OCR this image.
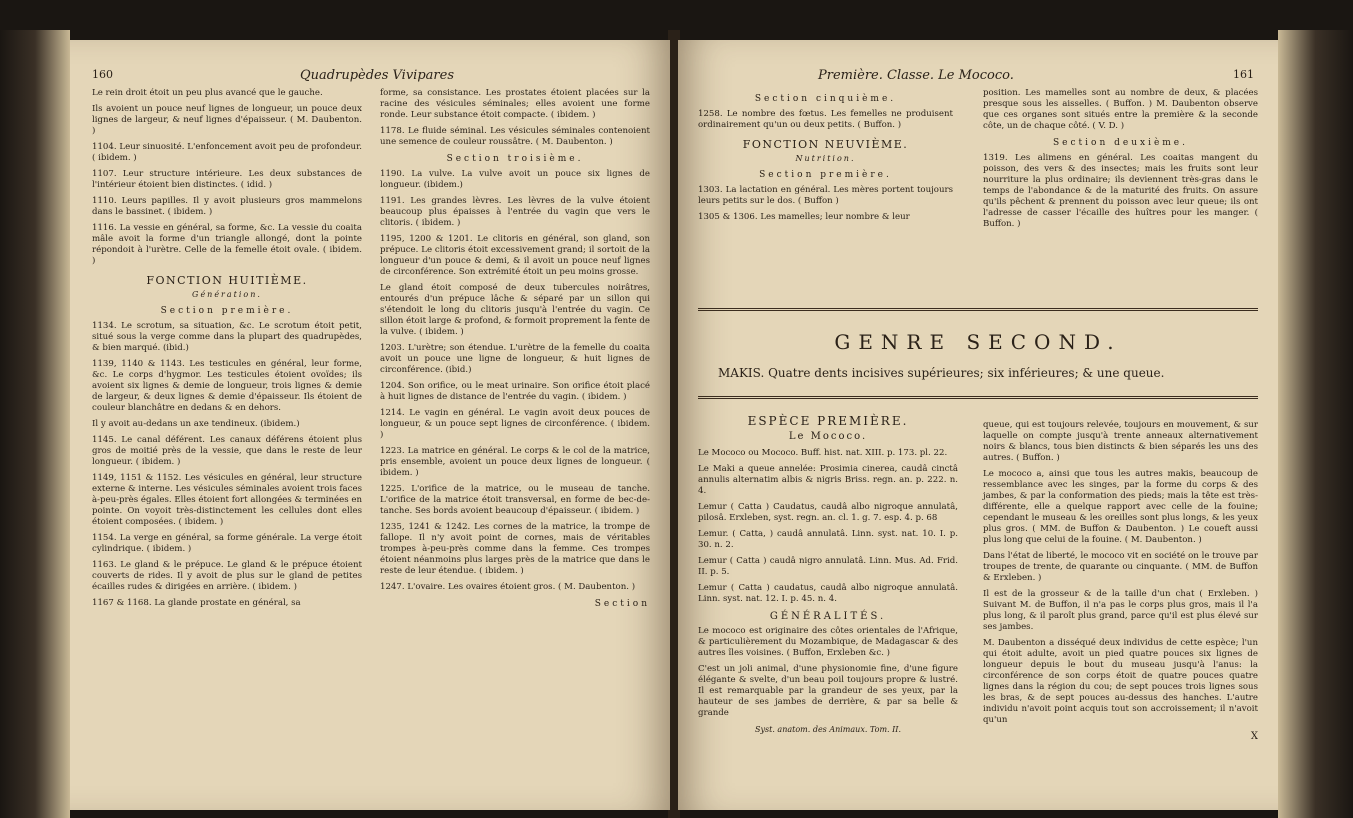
160	Quadrupèdes Vivipares

Le rein droit étoit un peu plus avancé que le gauche.

Ils avoient un pouce neuf lignes de longueur, un pouce deux lignes de largeur, & neuf lignes d'épaisseur. ( M. Daubenton. )

1104. Leur sinuosité. L'enfoncement avoit peu de profondeur. ( ibidem. )

1107. Leur structure intérieure. Les deux substances de l'intérieur étoient bien distinctes. ( idid. )

1110. Leurs papilles. Il y avoit plusieurs gros mammelons dans le bassinet. ( ibidem. )

1116. La vessie en général, sa forme, &c. La vessie du coaita mâle avoit la forme d'un triangle allongé, dont la pointe répondoit à l'urètre. Celle de la femelle étoit ovale. ( ibidem. )

FONCTION HUITIÈME.
Génération.
Section première.

1134. Le scrotum, sa situation, &c. Le scrotum étoit petit, situé sous la verge comme dans la plupart des quadrupèdes, & bien marqué. (ibid.)

1139, 1140 & 1143. Les testicules en général, leur forme, &c. Le corps d'hygmor. Les testicules étoient ovoïdes; ils avoient six lignes & demie de longueur, trois lignes & demie de largeur, & deux lignes & demie d'épaisseur. Ils étoient de couleur blanchâtre en dedans & en dehors.

Il y avoit au-dedans un axe tendineux. (ibidem.)

1145. Le canal déférent. Les canaux déférens étoient plus gros de moitié près de la vessie, que dans le reste de leur longueur. ( ibidem. )

1149, 1151 & 1152. Les vésicules en général, leur structure externe & interne. Les vésicules séminales avoient trois faces à-peu-près égales. Elles étoient fort allongées & terminées en pointe. On voyoit très-distinctement les cellules dont elles étoient composées. ( ibidem. )

1154. La verge en général, sa forme générale. La verge étoit cylindrique. ( ibidem. )

1163. Le gland & le prépuce. Le gland & le prépuce étoient couverts de rides. Il y avoit de plus sur le gland de petites écailles rudes & dirigées en arrière. ( ibidem. )

1167 & 1168. La glande prostate en général, sa

forme, sa consistance. Les prostates étoient placées sur la racine des vésicules séminales; elles avoient une forme ronde. Leur substance étoit compacte. ( ibidem. )

1178. Le fluide séminal. Les vésicules séminales contenoient une semence de couleur roussâtre. ( M. Daubenton. )

Section troisième.

1190. La vulve. La vulve avoit un pouce six lignes de longueur. (ibidem.)

1191. Les grandes lèvres. Les lèvres de la vulve étoient beaucoup plus épaisses à l'entrée du vagin que vers le clitoris. ( ibidem. )

1195, 1200 & 1201. Le clitoris en général, son gland, son prépuce. Le clitoris étoit excessivement grand; il sortoit de la longueur d'un pouce & demi, & il avoit un pouce neuf lignes de circonférence. Son extrémité étoit un peu moins grosse.

Le gland étoit composé de deux tubercules noirâtres, entourés d'un prépuce lâche & séparé par un sillon qui s'étendoit le long du clitoris jusqu'à l'entrée du vagin. Ce sillon étoit large & profond, & formoit proprement la fente de la vulve. ( ibidem. )

1203. L'urètre; son étendue. L'urètre de la femelle du coaita avoit un pouce une ligne de longueur, & huit lignes de circonférence. (ibid.)

1204. Son orifice, ou le meat urinaire. Son orifice étoit placé à huit lignes de distance de l'entrée du vagin. ( ibidem. )

1214. Le vagin en général. Le vagin avoit deux pouces de longueur, & un pouce sept lignes de circonférence. ( ibidem. )

1223. La matrice en général. Le corps & le col de la matrice, pris ensemble, avoient un pouce deux lignes de longueur. ( ibidem. )

1225. L'orifice de la matrice, ou le museau de tanche. L'orifice de la matrice étoit transversal, en forme de bec-de-tanche. Ses bords avoient beaucoup d'épaisseur. ( ibidem. )

1235, 1241 & 1242. Les cornes de la matrice, la trompe de fallope. Il n'y avoit point de cornes, mais de véritables trompes à-peu-près comme dans la femme. Ces trompes étoient néanmoins plus larges près de la matrice que dans le reste de leur étendue. ( ibidem. )

1247. L'ovaire. Les ovaires étoient gros. ( M. Daubenton. )

Section
Première. Classe. Le Mococo.	161
Section cinquième.

1258. Le nombre des fœtus. Les femelles ne produisent ordinairement qu'un ou deux petits. ( Buffon. )

FONCTION NEUVIÈME.
Nutrition.
Section première.

1303. La lactation en général. Les mères portent toujours leurs petits sur le dos. ( Buffon )

1305 & 1306. Les mamelles; leur nombre & leur

position. Les mamelles sont au nombre de deux, & placées presque sous les aisselles. ( Buffon. ) M. Daubenton observe que ces organes sont situés entre la première & la seconde côte, un de chaque côté. ( V. D. )

Section deuxième.

1319. Les alimens en général. Les coaitas mangent du poisson, des vers & des insectes; mais les fruits sont leur nourriture la plus ordinaire; ils deviennent très-gras dans le temps de l'abondance & de la maturité des fruits. On assure qu'ils pêchent & prennent du poisson avec leur queue; ils ont l'adresse de casser l'écaille des huîtres pour les manger. ( Buffon. )

GENRE SECOND.
MAKIS. Quatre dents incisives supérieures; six inférieures; & une queue.
ESPÈCE PREMIÈRE.
Le Mococo.

Le Mococo ou Mococo. Buff. hist. nat. XIII. p. 173. pl. 22.

Le Maki a queue annelée: Prosimia cinerea, caudâ cinctâ annulis alternatim albis & nigris Briss. regn. an. p. 222. n. 4.

Lemur ( Catta ) Caudatus, caudâ albo nigroque annulatâ, pilosâ. Erxleben, syst. regn. an. cl. 1. g. 7. esp. 4. p. 68

Lemur. ( Catta, ) caudâ annulatâ. Linn. syst. nat. 10. I. p. 30. n. 2.

Lemur ( Catta ) caudâ nigro annulatâ. Linn. Mus. Ad. Frid. II. p. 5.

Lemur ( Catta ) caudatus, caudâ albo nigroque annulatâ. Linn. syst. nat. 12. I. p. 45. n. 4.

GÉNÉRALITÉS.

Le mococo est originaire des côtes orientales de l'Afrique, & particulièrement du Mozambique, de Madagascar & des autres îles voisines. ( Buffon, Erxleben &c. )

C'est un joli animal, d'une physionomie fine, d'une figure élégante & svelte, d'un beau poil toujours propre & lustré. Il est remarquable par la grandeur de ses yeux, par la hauteur de ses jambes de derrière, & par sa belle & grande

Syst. anatom. des Animaux. Tom. II.

queue, qui est toujours relevée, toujours en mouvement, & sur laquelle on compte jusqu'à trente anneaux alternativement noirs & blancs, tous bien distincts & bien séparés les uns des autres. ( Buffon. )

Le mococo a, ainsi que tous les autres makis, beaucoup de ressemblance avec les singes, par la forme du corps & des jambes, & par la conformation des pieds; mais la tête est très-différente, elle a quelque rapport avec celle de la fouine; cependant le museau & les oreilles sont plus longs, & les yeux plus gros. ( MM. de Buffon & Daubenton. ) Le coueft aussi plus long que celui de la fouine. ( M. Daubenton. )

Dans l'état de liberté, le mococo vit en société on le trouve par troupes de trente, de quarante ou cinquante. ( MM. de Buffon & Erxleben. )

Il est de la grosseur & de la taille d'un chat ( Erxleben. ) Suivant M. de Buffon, il n'a pas le corps plus gros, mais il l'a plus long, & il paroît plus grand, parce qu'il est plus élevé sur ses jambes.

M. Daubenton a disséqué deux individus de cette espèce; l'un qui étoit adulte, avoit un pied quatre pouces six lignes de longueur depuis le bout du museau jusqu'à l'anus: la circonférence de son corps étoit de quatre pouces quatre lignes dans la région du cou; de sept pouces trois lignes sous les bras, & de sept pouces au-dessus des hanches. L'autre individu n'avoit point acquis tout son accroissement; il n'avoit qu'un

X
